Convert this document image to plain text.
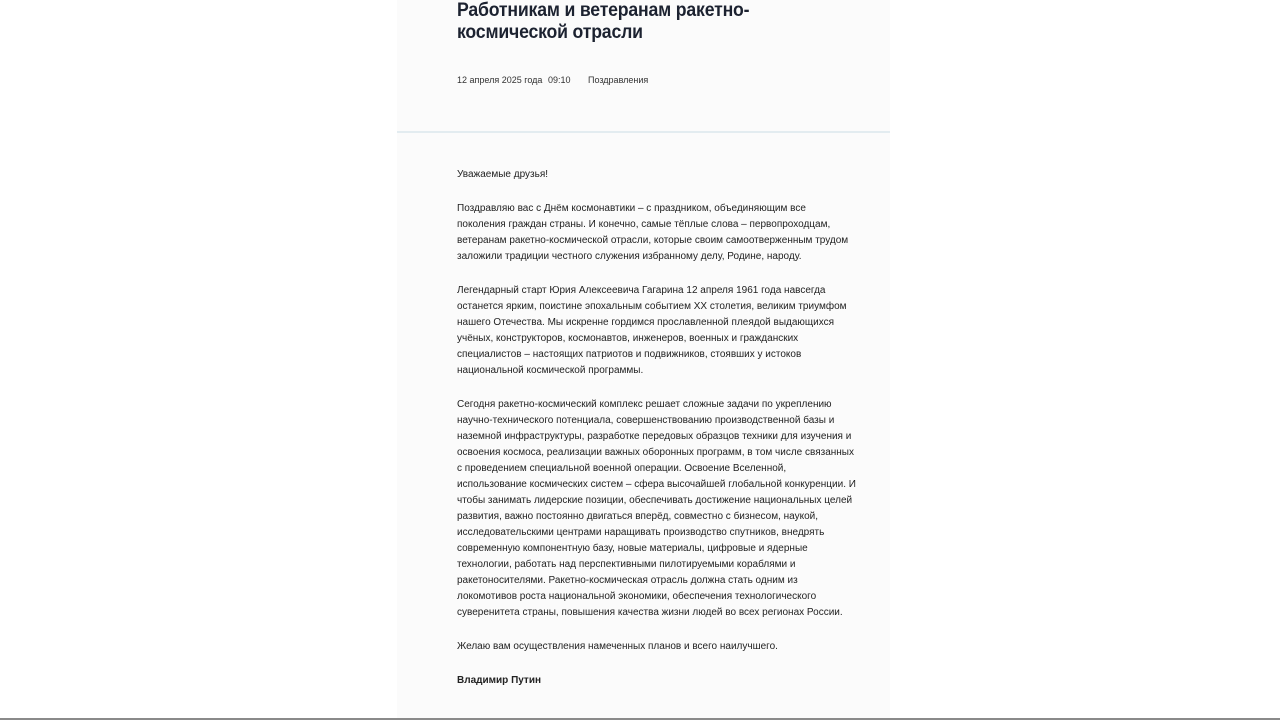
Работникам и ветеранам ракетно-космической отрасли
12 апреля 2025 года 09:10 Поздравления

Уважаемые друзья!

Поздравляю вас с Днём космонавтики – с праздником, объединяющим все поколения граждан страны. И конечно, самые тёплые слова – первопроходцам, ветеранам ракетно-космической отрасли, которые своим самоотверженным трудом заложили традиции честного служения избранному делу, Родине, народу.

Легендарный старт Юрия Алексеевича Гагарина 12 апреля 1961 года навсегда останется ярким, поистине эпохальным событием XX столетия, великим триумфом нашего Отечества. Мы искренне гордимся прославленной плеядой выдающихся учёных, конструкторов, космонавтов, инженеров, военных и гражданских специалистов – настоящих патриотов и подвижников, стоявших у истоков национальной космической программы.

Сегодня ракетно-космический комплекс решает сложные задачи по укреплению научно-технического потенциала, совершенствованию производственной базы и наземной инфраструктуры, разработке передовых образцов техники для изучения и освоения космоса, реализации важных оборонных программ, в том числе связанных с проведением специальной военной операции. Освоение Вселенной, использование космических систем – сфера высочайшей глобальной конкуренции. И чтобы занимать лидерские позиции, обеспечивать достижение национальных целей развития, важно постоянно двигаться вперёд, совместно с бизнесом, наукой, исследовательскими центрами наращивать производство спутников, внедрять современную компонентную базу, новые материалы, цифровые и ядерные технологии, работать над перспективными пилотируемыми кораблями и ракетоносителями. Ракетно-космическая отрасль должна стать одним из локомотивов роста национальной экономики, обеспечения технологического суверенитета страны, повышения качества жизни людей во всех регионах России.

Желаю вам осуществления намеченных планов и всего наилучшего.

Владимир Путин
